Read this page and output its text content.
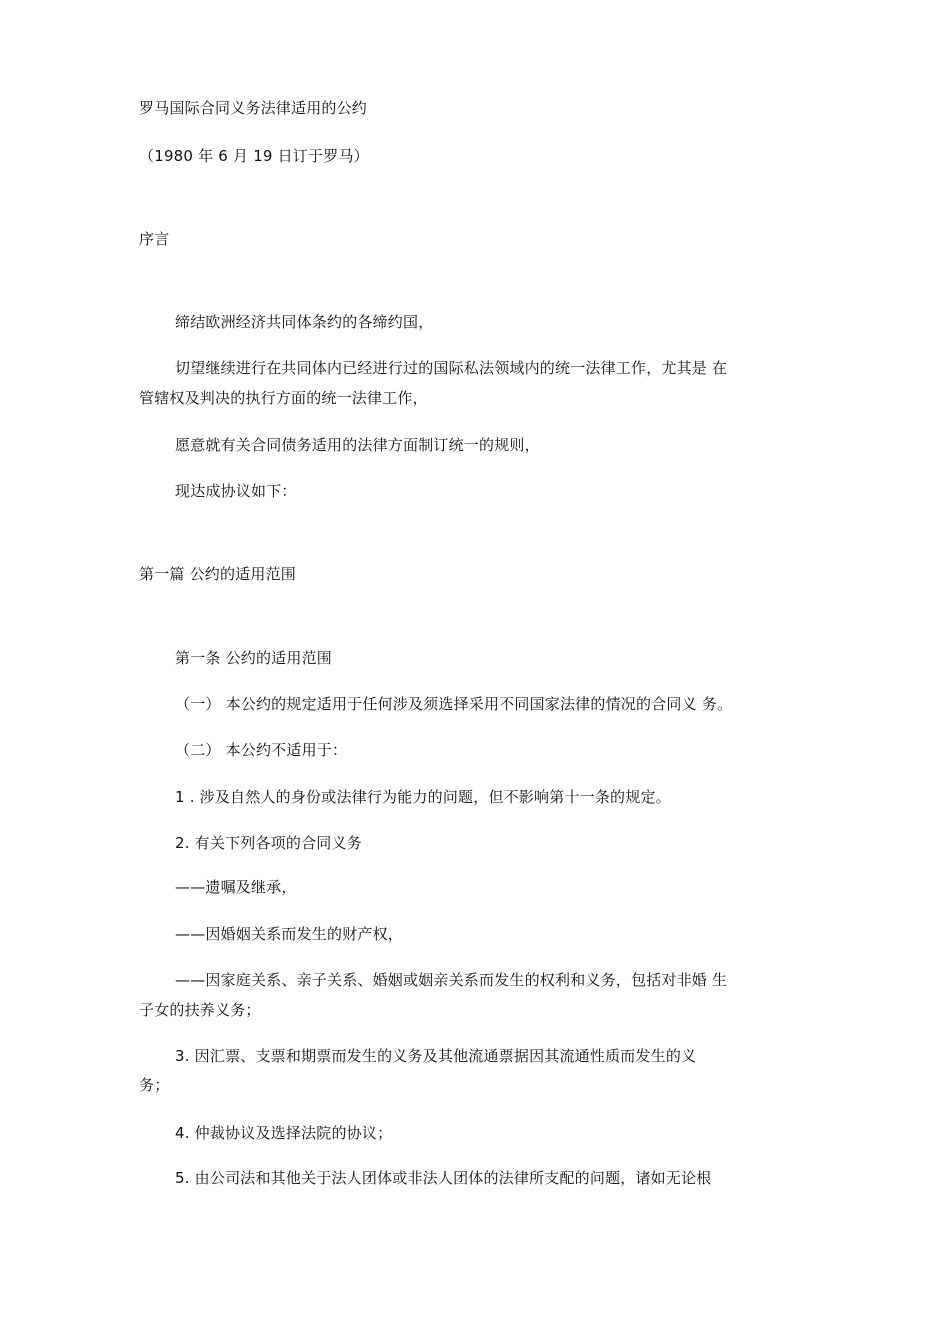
罗马国际合同义务法律适用的公约
（1980 年 6 月 19 日订于罗马）
序言
缔结欧洲经济共同体条约的各缔约国，
切望继续进行在共同体内已经进行过的国际私法领域内的统一法律工作，尤其是 在
管辖权及判决的执行方面的统一法律工作，
愿意就有关合同债务适用的法律方面制订统一的规则，
现达成协议如下：
第一篇 公约的适用范围
第一条 公约的适用范围
（一） 本公约的规定适用于任何涉及须选择采用不同国家法律的情况的合同义 务。
（二） 本公约不适用于：
1 . 涉及自然人的身份或法律行为能力的问题，但不影响第十一条的规定。
2. 有关下列各项的合同义务
——遗嘱及继承，
——因婚姻关系而发生的财产权，
——因家庭关系、亲子关系、婚姻或姻亲关系而发生的权利和义务，包括对非婚 生
子女的扶养义务；
3. 因汇票、支票和期票而发生的义务及其他流通票据因其流通性质而发生的义
务；
4. 仲裁协议及选择法院的协议；
5. 由公司法和其他关于法人团体或非法人团体的法律所支配的问题，诸如无论根
